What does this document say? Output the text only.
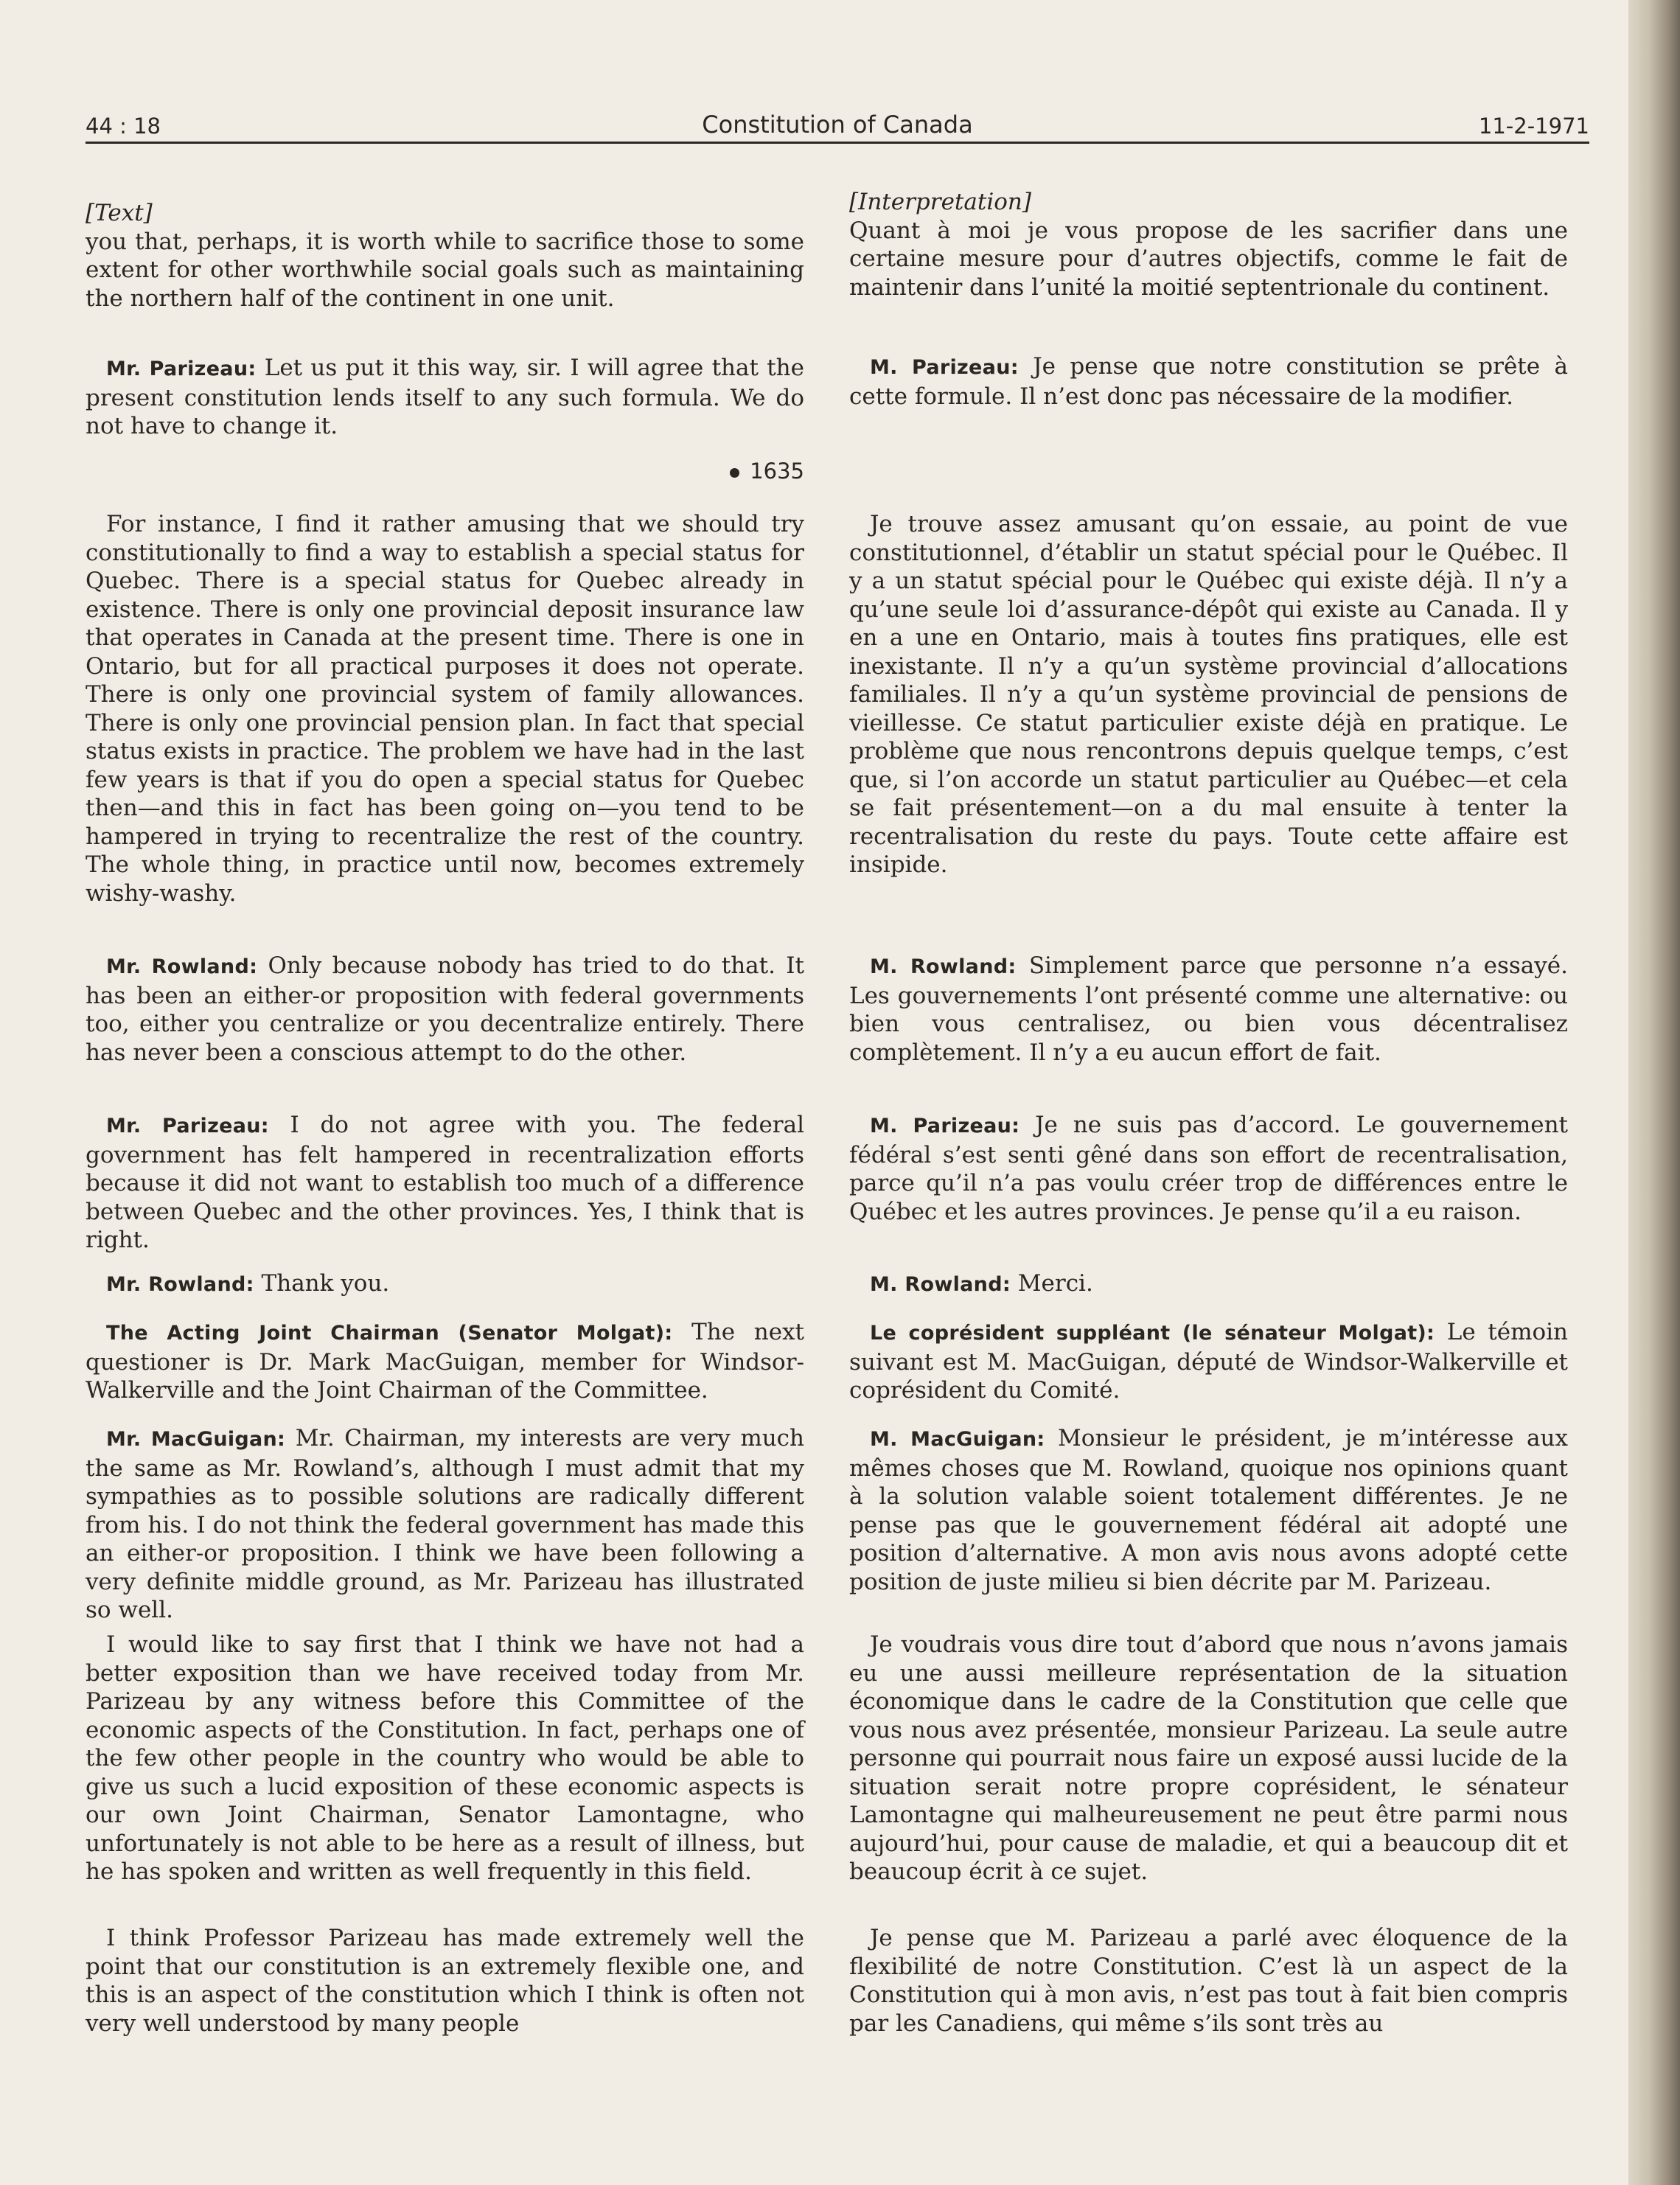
44 : 18	Constitution of Canada	11-2-1971

[Text]
you that, perhaps, it is worth while to sacrifice those to some extent for other worthwhile social goals such as maintaining the northern half of the continent in one unit.

Mr. Parizeau: Let us put it this way, sir. I will agree that the present constitution lends itself to any such formula. We do not have to change it.

1635

For instance, I find it rather amusing that we should try constitutionally to find a way to establish a special status for Quebec. There is a special status for Quebec already in existence. There is only one provincial deposit insurance law that operates in Canada at the present time. There is one in Ontario, but for all practical purposes it does not operate. There is only one provincial system of family allowances. There is only one provincial pension plan. In fact that special status exists in practice. The problem we have had in the last few years is that if you do open a special status for Quebec then—and this in fact has been going on—you tend to be hampered in trying to recentralize the rest of the country. The whole thing, in practice until now, becomes extremely wishy-washy.

Mr. Rowland: Only because nobody has tried to do that. It has been an either-or proposition with federal governments too, either you centralize or you decentralize entirely. There has never been a conscious attempt to do the other.

Mr. Parizeau: I do not agree with you. The federal government has felt hampered in recentralization efforts because it did not want to establish too much of a difference between Quebec and the other provinces. Yes, I think that is right.

Mr. Rowland: Thank you.

The Acting Joint Chairman (Senator Molgat): The next questioner is Dr. Mark MacGuigan, member for Windsor-Walkerville and the Joint Chairman of the Committee.

Mr. MacGuigan: Mr. Chairman, my interests are very much the same as Mr. Rowland’s, although I must admit that my sympathies as to possible solutions are radically different from his. I do not think the federal government has made this an either-or proposition. I think we have been following a very definite middle ground, as Mr. Parizeau has illustrated so well.

I would like to say first that I think we have not had a better exposition than we have received today from Mr. Parizeau by any witness before this Committee of the economic aspects of the Constitution. In fact, perhaps one of the few other people in the country who would be able to give us such a lucid exposition of these economic aspects is our own Joint Chairman, Senator Lamontagne, who unfortunately is not able to be here as a result of illness, but he has spoken and written as well frequently in this field.

I think Professor Parizeau has made extremely well the point that our constitution is an extremely flexible one, and this is an aspect of the constitution which I think is often not very well understood by many people

[Interpretation]
Quant à moi je vous propose de les sacrifier dans une certaine mesure pour d’autres objectifs, comme le fait de maintenir dans l’unité la moitié septentrionale du continent.

M. Parizeau: Je pense que notre constitution se prête à cette formule. Il n’est donc pas nécessaire de la modifier.

Je trouve assez amusant qu’on essaie, au point de vue constitutionnel, d’établir un statut spécial pour le Québec. Il y a un statut spécial pour le Québec qui existe déjà. Il n’y a qu’une seule loi d’assurance-dépôt qui existe au Canada. Il y en a une en Ontario, mais à toutes fins pratiques, elle est inexistante. Il n’y a qu’un système provincial d’allocations familiales. Il n’y a qu’un système provincial de pensions de vieillesse. Ce statut particulier existe déjà en pratique. Le problème que nous rencontrons depuis quelque temps, c’est que, si l’on accorde un statut particulier au Québec—et cela se fait présentement—on a du mal ensuite à tenter la recentralisation du reste du pays. Toute cette affaire est insipide.

M. Rowland: Simplement parce que personne n’a essayé. Les gouvernements l’ont présenté comme une alternative: ou bien vous centralisez, ou bien vous décentralisez complètement. Il n’y a eu aucun effort de fait.

M. Parizeau: Je ne suis pas d’accord. Le gouvernement fédéral s’est senti gêné dans son effort de recentralisation, parce qu’il n’a pas voulu créer trop de différences entre le Québec et les autres provinces. Je pense qu’il a eu raison.

M. Rowland: Merci.

Le coprésident suppléant (le sénateur Molgat): Le témoin suivant est M. MacGuigan, député de Windsor-Walkerville et coprésident du Comité.

M. MacGuigan: Monsieur le président, je m’intéresse aux mêmes choses que M. Rowland, quoique nos opinions quant à la solution valable soient totalement différentes. Je ne pense pas que le gouvernement fédéral ait adopté une position d’alternative. A mon avis nous avons adopté cette position de juste milieu si bien décrite par M. Parizeau.

Je voudrais vous dire tout d’abord que nous n’avons jamais eu une aussi meilleure représentation de la situation économique dans le cadre de la Constitution que celle que vous nous avez présentée, monsieur Parizeau. La seule autre personne qui pourrait nous faire un exposé aussi lucide de la situation serait notre propre coprésident, le sénateur Lamontagne qui malheureusement ne peut être parmi nous aujourd’hui, pour cause de maladie, et qui a beaucoup dit et beaucoup écrit à ce sujet.

Je pense que M. Parizeau a parlé avec éloquence de la flexibilité de notre Constitution. C’est là un aspect de la Constitution qui à mon avis, n’est pas tout à fait bien compris par les Canadiens, qui même s’ils sont très au
